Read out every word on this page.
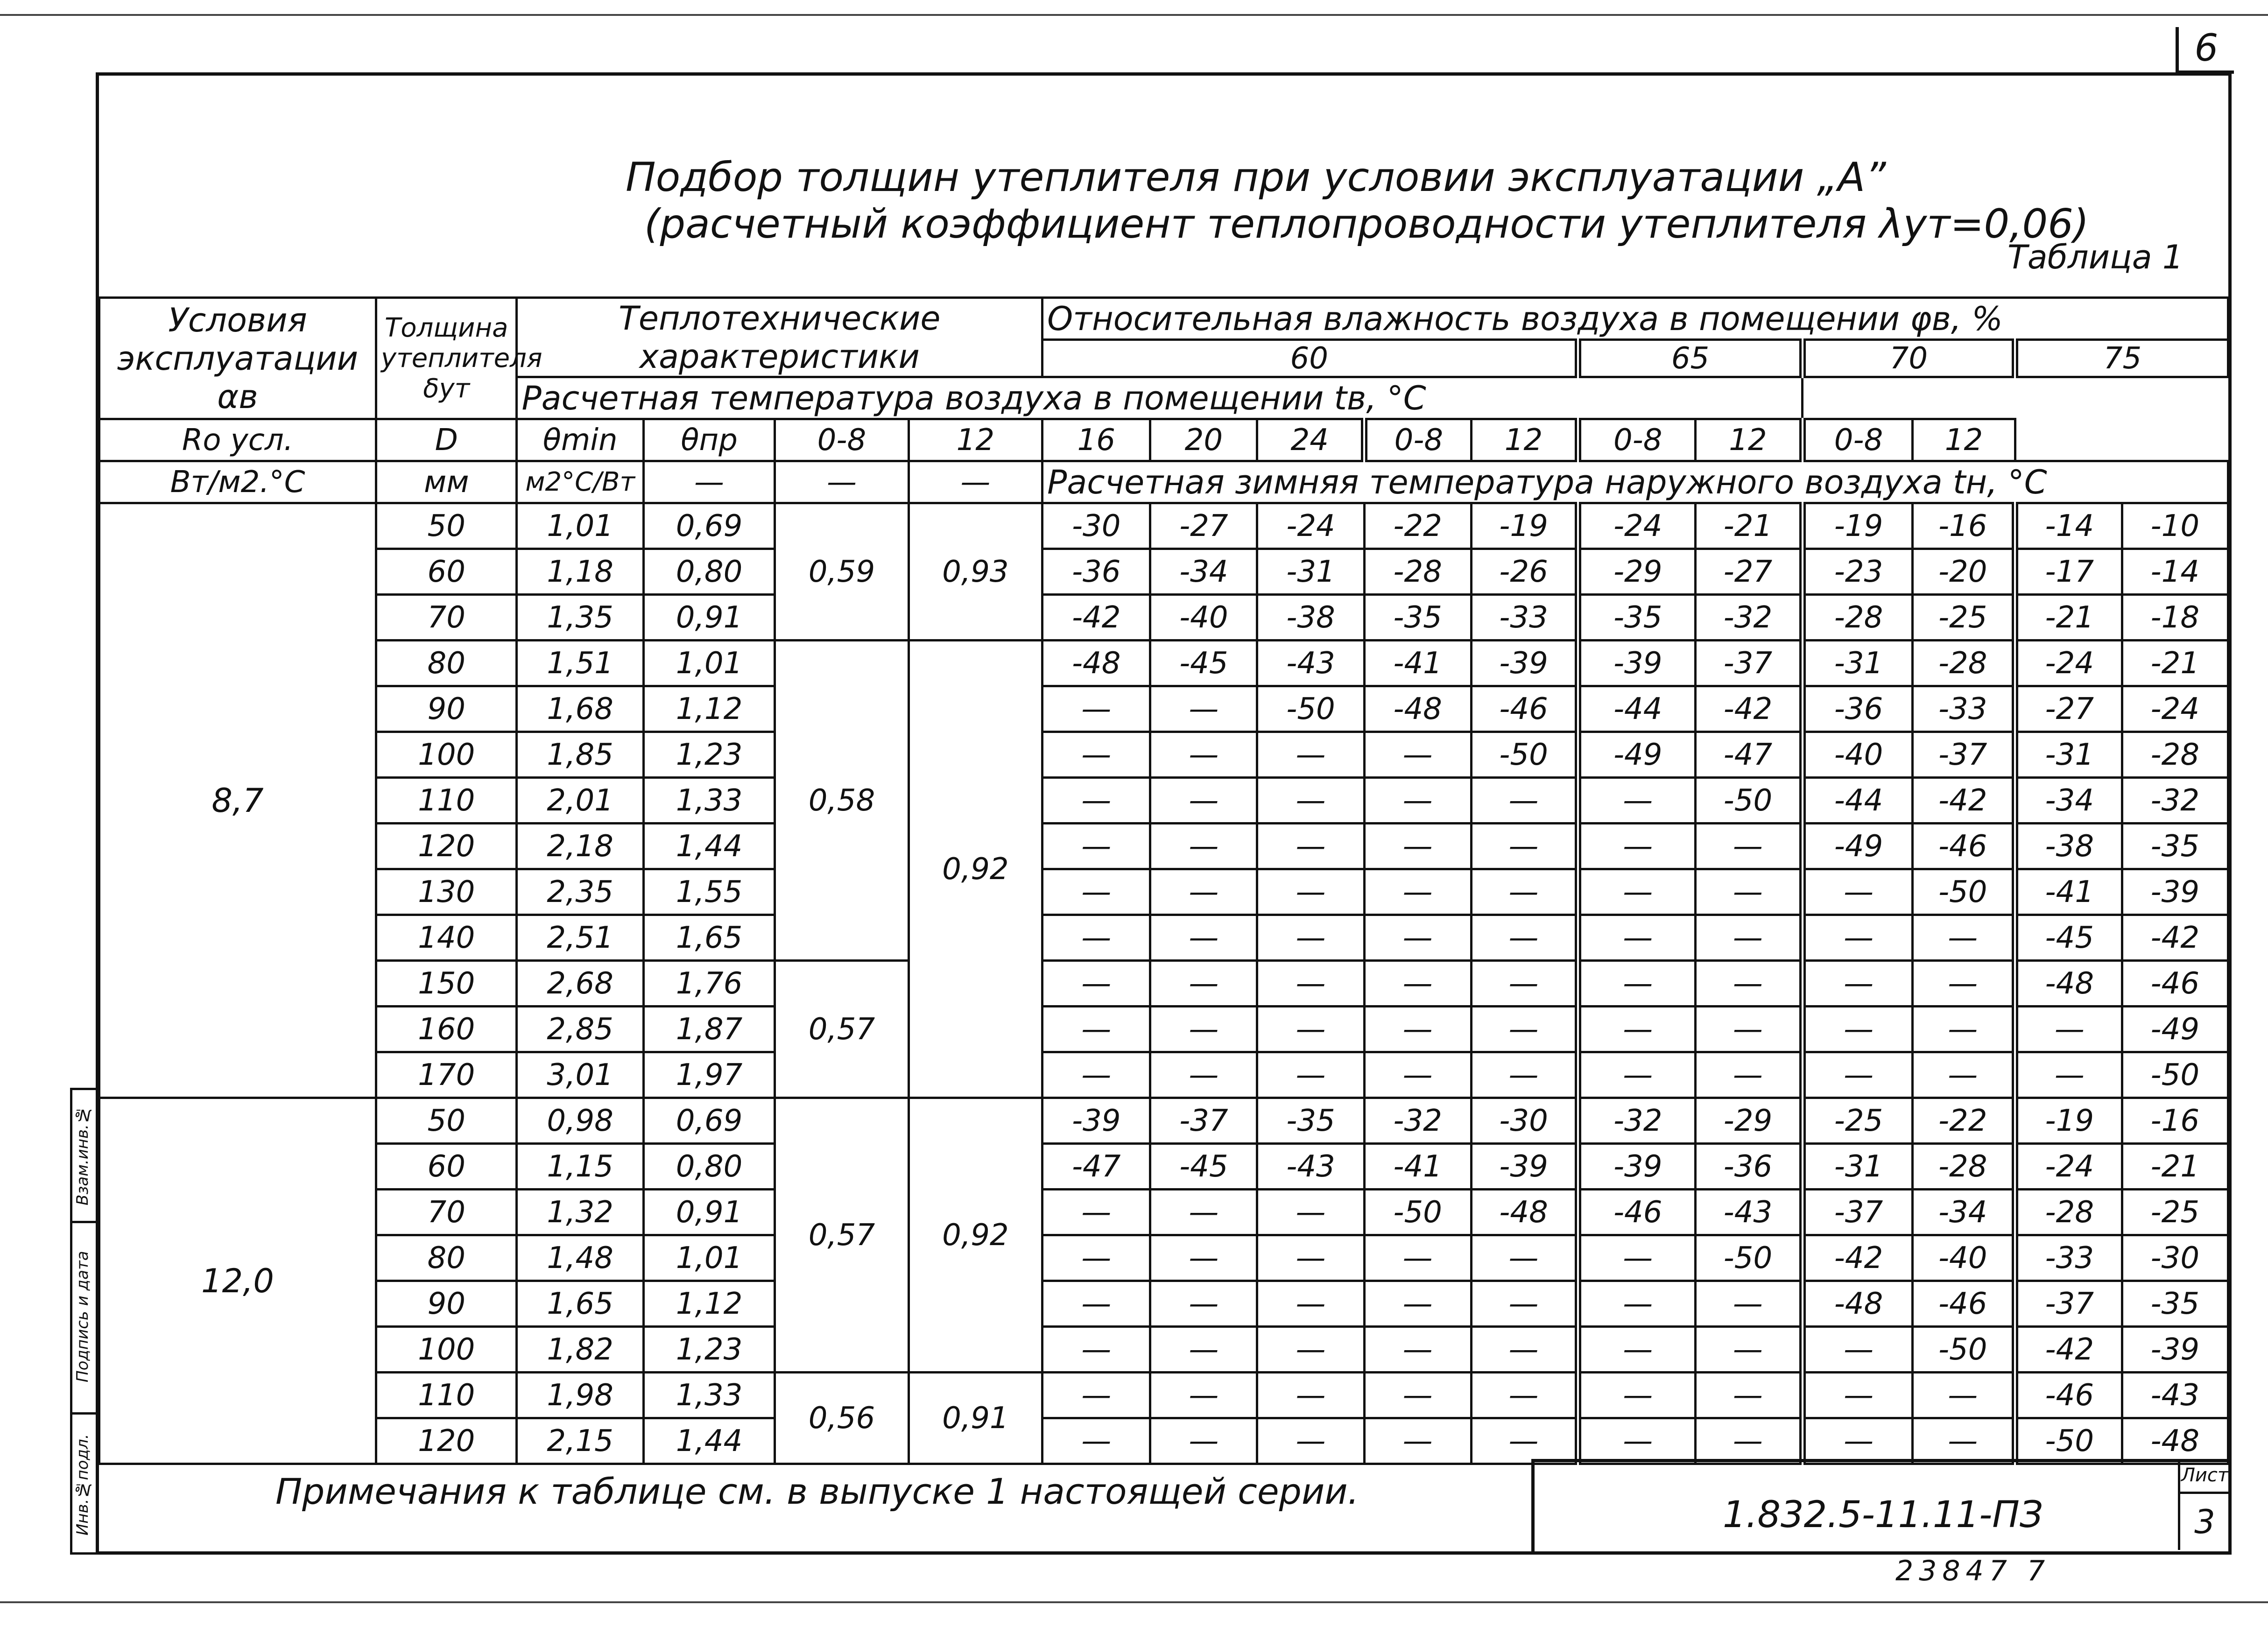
6
Подбор толщин утеплителя при условии эксплуатации „А”
(расчетный коэффициент теплопроводности утеплителя λут=0,06)
Таблица 1
Условия эксплуатации αв	Толщина утеплителя δут	Теплотехнические характеристики				Относительная влажность воздуха в помещении φв, %										
						60					65		70		75	
		Расчетная температура воздуха в помещении tв, °С														
Rо усл.	D	θmin	θпр	0-8	12	16	20	24	0-8	12	0-8	12	0-8	12		
Вт/м2.°С	мм	м2°С/Вт	—	—	—	Расчетная зимняя температура наружного воздуха tн, °С										
8,7	50	1,01	0,69	0,59	0,93	-30	-27	-24	-22	-19	-24	-21	-19	-16	-14	-10
	60	1,18	0,80			-36	-34	-31	-28	-26	-29	-27	-23	-20	-17	-14
	70	1,35	0,91			-42	-40	-38	-35	-33	-35	-32	-28	-25	-21	-18
	80	1,51	1,01	0,58	0,92	-48	-45	-43	-41	-39	-39	-37	-31	-28	-24	-21
	90	1,68	1,12			—	—	-50	-48	-46	-44	-42	-36	-33	-27	-24
	100	1,85	1,23			—	—	—	—	-50	-49	-47	-40	-37	-31	-28
	110	2,01	1,33			—	—	—	—	—	—	-50	-44	-42	-34	-32
	120	2,18	1,44			—	—	—	—	—	—	—	-49	-46	-38	-35
	130	2,35	1,55			—	—	—	—	—	—	—	—	-50	-41	-39
	140	2,51	1,65			—	—	—	—	—	—	—	—	—	-45	-42
	150	2,68	1,76	0,57		—	—	—	—	—	—	—	—	—	-48	-46
	160	2,85	1,87			—	—	—	—	—	—	—	—	—	—	-49
	170	3,01	1,97			—	—	—	—	—	—	—	—	—	—	-50
12,0	50	0,98	0,69	0,57	0,92	-39	-37	-35	-32	-30	-32	-29	-25	-22	-19	-16
	60	1,15	0,80			-47	-45	-43	-41	-39	-39	-36	-31	-28	-24	-21
	70	1,32	0,91			—	—	—	-50	-48	-46	-43	-37	-34	-28	-25
	80	1,48	1,01			—	—	—	—	—	—	-50	-42	-40	-33	-30
	90	1,65	1,12			—	—	—	—	—	—	—	-48	-46	-37	-35
	100	1,82	1,23			—	—	—	—	—	—	—	—	-50	-42	-39
	110	1,98	1,33	0,56	0,91	—	—	—	—	—	—	—	—	—	-46	-43
	120	2,15	1,44			—	—	—	—	—	—	—	—	—	-50	-48

Примечания к таблице см. в выпуске 1 настоящей серии.
1.832.5-11.11-ПЗ
Лист
3
23847 7
Инв.№подл.
Подпись и дата
Взам.инв.№
